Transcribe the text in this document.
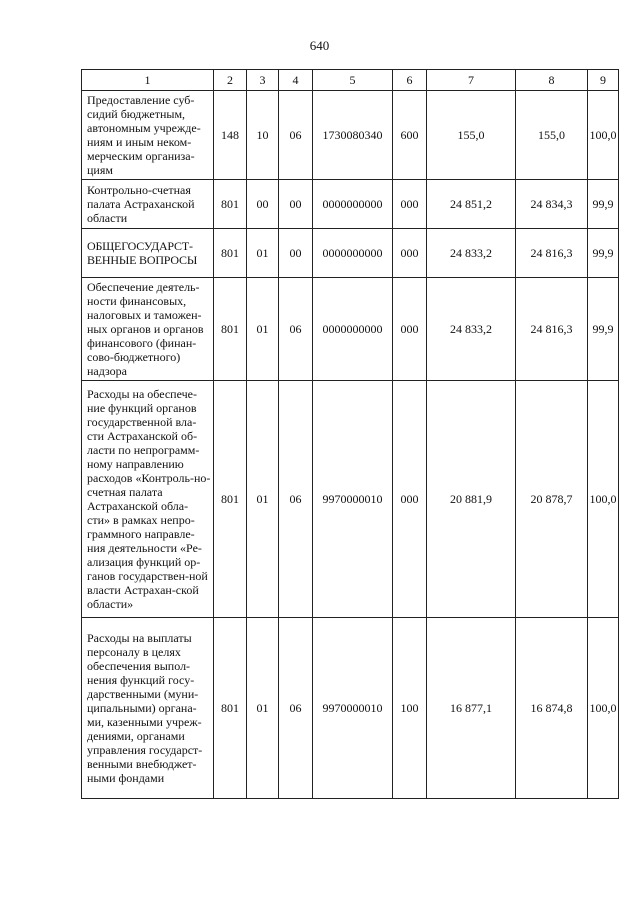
640
1	2	3	4	5	6	7	8	9
Предоставление суб-сидий бюджетным, автономным учрежде-ниям и иным неком-мерческим организа-циям	148	10	06	1730080340	600	155,0	155,0	100,0
Контрольно-счетная палата Астраханской области	801	00	00	0000000000	000	24 851,2	24 834,3	99,9
ОБЩЕГОСУДАРСТ-ВЕННЫЕ ВОПРОСЫ	801	01	00	0000000000	000	24 833,2	24 816,3	99,9
Обеспечение деятель-ности финансовых, налоговых и таможен-ных органов и органов финансового (финан-сово-бюджетного) надзора	801	01	06	0000000000	000	24 833,2	24 816,3	99,9
Расходы на обеспече-ние функций органов государственной вла-сти Астраханской об-ласти по непрограмм-ному направлению расходов «Контроль-но-счетная палата Астраханской обла-сти» в рамках непро-граммного направле-ния деятельности «Ре-ализация функций ор-ганов государствен-ной власти Астрахан-ской области»	801	01	06	9970000010	000	20 881,9	20 878,7	100,0
Расходы на выплаты персоналу в целях обеспечения выпол-нения функций госу-дарственными (муни-ципальными) органа-ми, казенными учреж-дениями, органами управления государст-венными внебюджет-ными фондами	801	01	06	9970000010	100	16 877,1	16 874,8	100,0
